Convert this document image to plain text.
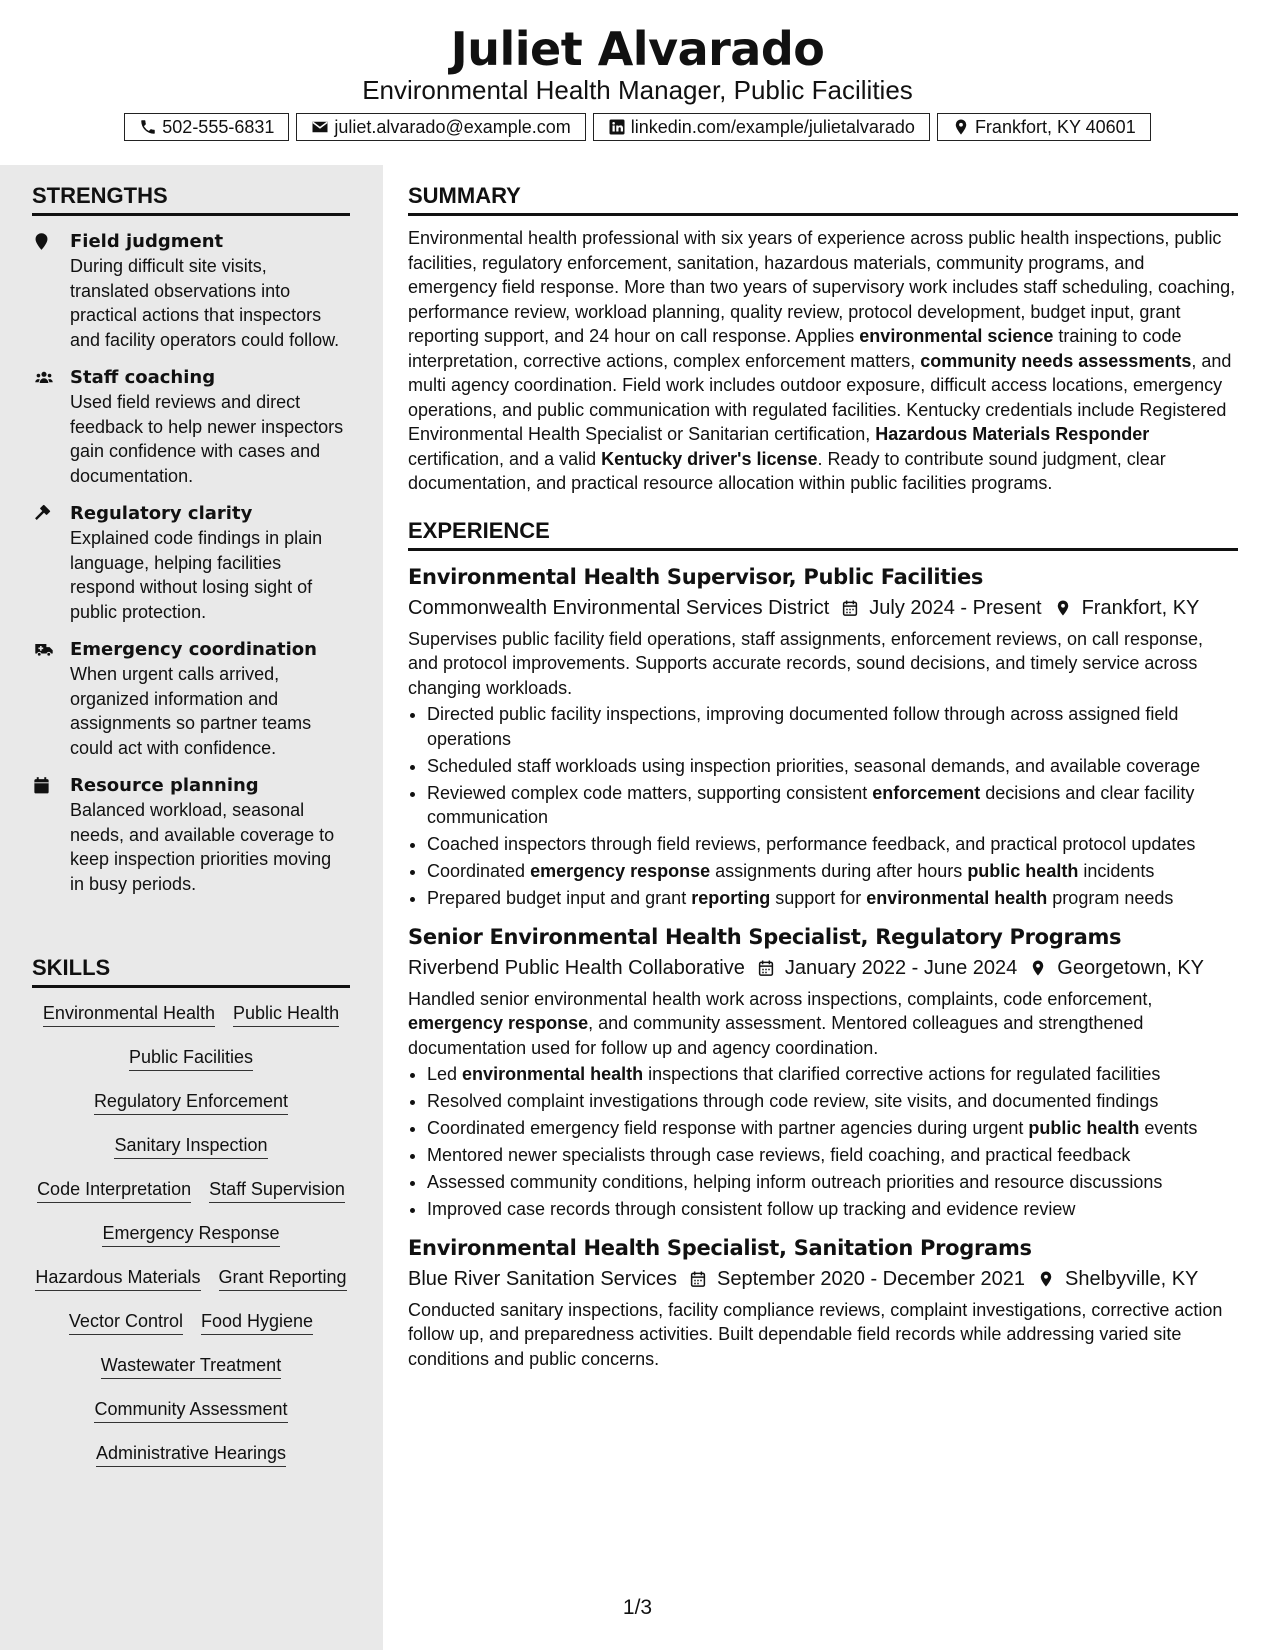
Juliet Alvarado
Environmental Health Manager, Public Facilities
502-555-6831	juliet.alvarado@example.com	linkedin.com/example/julietalvarado	Frankfort, KY 40601
STRENGTHS
Field judgment
During difficult site visits, translated observations into practical actions that inspectors and facility operators could follow.
Staff coaching
Used field reviews and direct feedback to help newer inspectors gain confidence with cases and documentation.
Regulatory clarity
Explained code findings in plain language, helping facilities respond without losing sight of public protection.
Emergency coordination
When urgent calls arrived, organized information and assignments so partner teams could act with confidence.
Resource planning
Balanced workload, seasonal needs, and available coverage to keep inspection priorities moving in busy periods.
SKILLS
Environmental Health Public Health
Public Facilities
Regulatory Enforcement
Sanitary Inspection
Code Interpretation Staff Supervision
Emergency Response
Hazardous Materials Grant Reporting
Vector Control Food Hygiene
Wastewater Treatment
Community Assessment
Administrative Hearings
SUMMARY

Environmental health professional with six years of experience across public health inspections, public facilities, regulatory enforcement, sanitation, hazardous materials, community programs, and emergency field response. More than two years of supervisory work includes staff scheduling, coaching, performance review, workload planning, quality review, protocol development, budget input, grant reporting support, and 24 hour on call response. Applies environmental science training to code interpretation, corrective actions, complex enforcement matters, community needs assessments, and multi agency coordination. Field work includes outdoor exposure, difficult access locations, emergency operations, and public communication with regulated facilities. Kentucky credentials include Registered Environmental Health Specialist or Sanitarian certification, Hazardous Materials Responder certification, and a valid Kentucky driver's license. Ready to contribute sound judgment, clear documentation, and practical resource allocation within public facilities programs.

EXPERIENCE
Environmental Health Supervisor, Public Facilities
Commonwealth Environmental Services District July 2024 - Present Frankfort, KY
Supervises public facility field operations, staff assignments, enforcement reviews, on call response, and protocol improvements. Supports accurate records, sound decisions, and timely service across changing workloads.
• Directed public facility inspections, improving documented follow through across assigned field operations
• Scheduled staff workloads using inspection priorities, seasonal demands, and available coverage
• Reviewed complex code matters, supporting consistent enforcement decisions and clear facility communication
• Coached inspectors through field reviews, performance feedback, and practical protocol updates
• Coordinated emergency response assignments during after hours public health incidents
• Prepared budget input and grant reporting support for environmental health program needs
Senior Environmental Health Specialist, Regulatory Programs
Riverbend Public Health Collaborative January 2022 - June 2024 Georgetown, KY
Handled senior environmental health work across inspections, complaints, code enforcement, emergency response, and community assessment. Mentored colleagues and strengthened documentation used for follow up and agency coordination.
• Led environmental health inspections that clarified corrective actions for regulated facilities
• Resolved complaint investigations through code review, site visits, and documented findings
• Coordinated emergency field response with partner agencies during urgent public health events
• Mentored newer specialists through case reviews, field coaching, and practical feedback
• Assessed community conditions, helping inform outreach priorities and resource discussions
• Improved case records through consistent follow up tracking and evidence review
Environmental Health Specialist, Sanitation Programs
Blue River Sanitation Services September 2020 - December 2021 Shelbyville, KY
Conducted sanitary inspections, facility compliance reviews, complaint investigations, corrective action follow up, and preparedness activities. Built dependable field records while addressing varied site conditions and public concerns.
1/3
